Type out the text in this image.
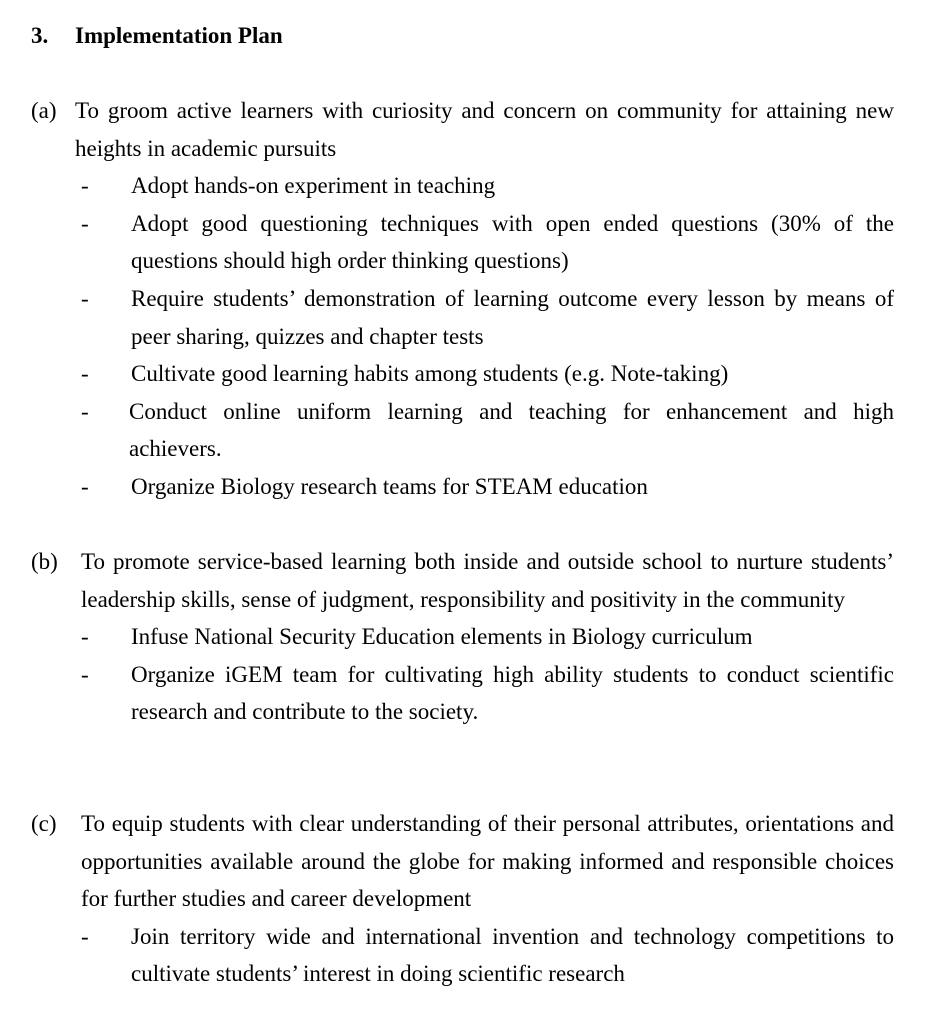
3. Implementation Plan
(a) To groom active learners with curiosity and concern on community for attaining new heights in academic pursuits
- Adopt hands-on experiment in teaching
- Adopt good questioning techniques with open ended questions (30% of the questions should high order thinking questions)
- Require students’ demonstration of learning outcome every lesson by means of peer sharing, quizzes and chapter tests
- Cultivate good learning habits among students (e.g. Note-taking)
- Conduct online uniform learning and teaching for enhancement and high achievers.
- Organize Biology research teams for STEAM education
(b) To promote service-based learning both inside and outside school to nurture students’ leadership skills, sense of judgment, responsibility and positivity in the community
- Infuse National Security Education elements in Biology curriculum
- Organize iGEM team for cultivating high ability students to conduct scientific research and contribute to the society.
(c) To equip students with clear understanding of their personal attributes, orientations and opportunities available around the globe for making informed and responsible choices for further studies and career development
- Join territory wide and international invention and technology competitions to cultivate students’ interest in doing scientific research
